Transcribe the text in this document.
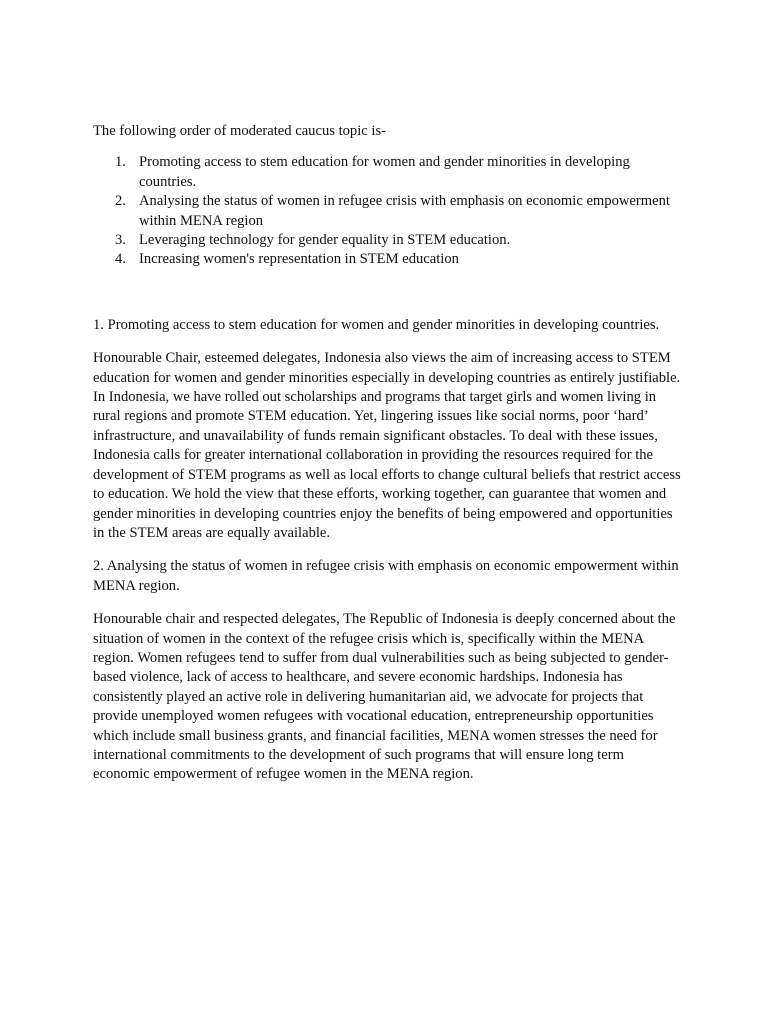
The following order of moderated caucus topic is-

1. Promoting access to stem education for women and gender minorities in developing countries.
2. Analysing the status of women in refugee crisis with emphasis on economic empowerment within MENA region
3. Leveraging technology for gender equality in STEM education.
4. Increasing women's representation in STEM education

1. Promoting access to stem education for women and gender minorities in developing countries.

Honourable Chair, esteemed delegates, Indonesia also views the aim of increasing access to STEM education for women and gender minorities especially in developing countries as entirely justifiable. In Indonesia, we have rolled out scholarships and programs that target girls and women living in rural regions and promote STEM education. Yet, lingering issues like social norms, poor ‘hard’ infrastructure, and unavailability of funds remain significant obstacles. To deal with these issues, Indonesia calls for greater international collaboration in providing the resources required for the development of STEM programs as well as local efforts to change cultural beliefs that restrict access to education. We hold the view that these efforts, working together, can guarantee that women and gender minorities in developing countries enjoy the benefits of being empowered and opportunities in the STEM areas are equally available.

2. Analysing the status of women in refugee crisis with emphasis on economic empowerment within MENA region.

Honourable chair and respected delegates, The Republic of Indonesia is deeply concerned about the situation of women in the context of the refugee crisis which is, specifically within the MENA region. Women refugees tend to suffer from dual vulnerabilities such as being subjected to gender-based violence, lack of access to healthcare, and severe economic hardships. Indonesia has consistently played an active role in delivering humanitarian aid, we advocate for projects that provide unemployed women refugees with vocational education, entrepreneurship opportunities which include small business grants, and financial facilities, MENA women stresses the need for international commitments to the development of such programs that will ensure long term economic empowerment of refugee women in the MENA region.
